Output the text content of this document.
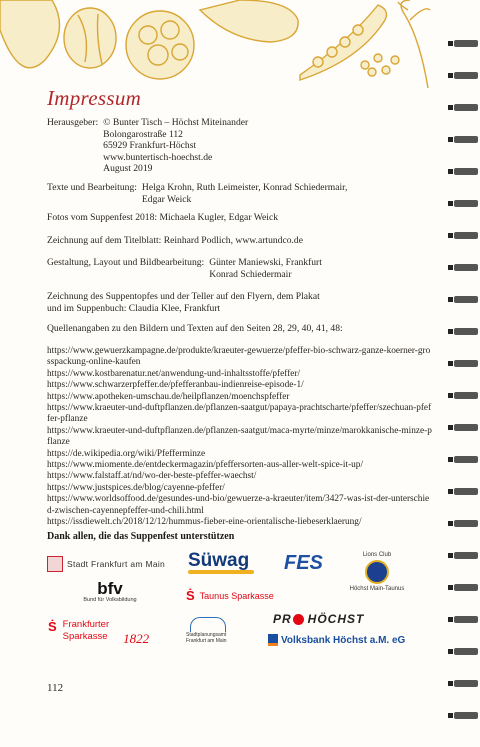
Impressum
Herausgeber: © Bunter Tisch – Höchst Miteinander
Bolongarostraße 112
65929 Frankfurt-Höchst
www.buntertisch-hoechst.de
August 2019
Texte und Bearbeitung: Helga Krohn, Ruth Leimeister, Konrad Schiedermair,
Edgar Weick
Fotos vom Suppenfest 2018: Michaela Kugler, Edgar Weick
Zeichnung auf dem Titelblatt: Reinhard Podlich, www.artundco.de
Gestaltung, Layout und Bildbearbeitung: Günter Maniewski, Frankfurt
Konrad Schiedermair
Zeichnung des Suppentopfes und der Teller auf den Flyern, dem Plakat
und im Suppenbuch: Claudia Klee, Frankfurt
Quellenangaben zu den Bildern und Texten auf den Seiten 28, 29, 40, 41, 48:
https://www.gewuerzkampagne.de/produkte/kraeuter-gewuerze/pfeffer-bio-schwarz-ganze-koerner-grosspackung-online-kaufen
https://www.kostbarenatur.net/anwendung-und-inhaltsstoffe/pfeffer/
https://www.schwarzerpfeffer.de/pfefferanbau-indienreise-episode-1/
https://www.apotheken-umschau.de/heilpflanzen/moenchspfeffer
https://www.kraeuter-und-duftpflanzen.de/pflanzen-saatgut/papaya-prachtscharte/pfeffer/szechuan-pfeffer-pflanze
https://www.kraeuter-und-duftpflanzen.de/pflanzen-saatgut/maca-myrte/minze/marokkanische-minze-pflanze
https://de.wikipedia.org/wiki/Pfefferminze
https://www.miomente.de/entdeckermagazin/pfeffersorten-aus-aller-welt-spice-it-up/
https://www.falstaff.at/nd/wo-der-beste-pfeffer-waechst/
https://www.justspices.de/blog/cayenne-pfeffer/
https://www.worldsoffood.de/gesundes-und-bio/gewuerze-a-kraeuter/item/3427-was-ist-der-unterschied-zwischen-cayennepfeffer-und-chili.html
https://issdiewelt.ch/2018/12/12/hummus-fieber-eine-orientalische-liebeserklaerung/
Dank allen, die das Suppenfest unterstützen
Stadt Frankfurt am Main Süwag FES	Lions Club
Höchst Main-Taunus
bfv
Bund für Volksbildung	Ṡ Taunus Sparkasse
Ṡ Frankfurter
Sparkasse 1822	Stadtplanungsamt
Frankfurt am Main
PR HÖCHST
Volksbank Höchst a.M. eG
112
